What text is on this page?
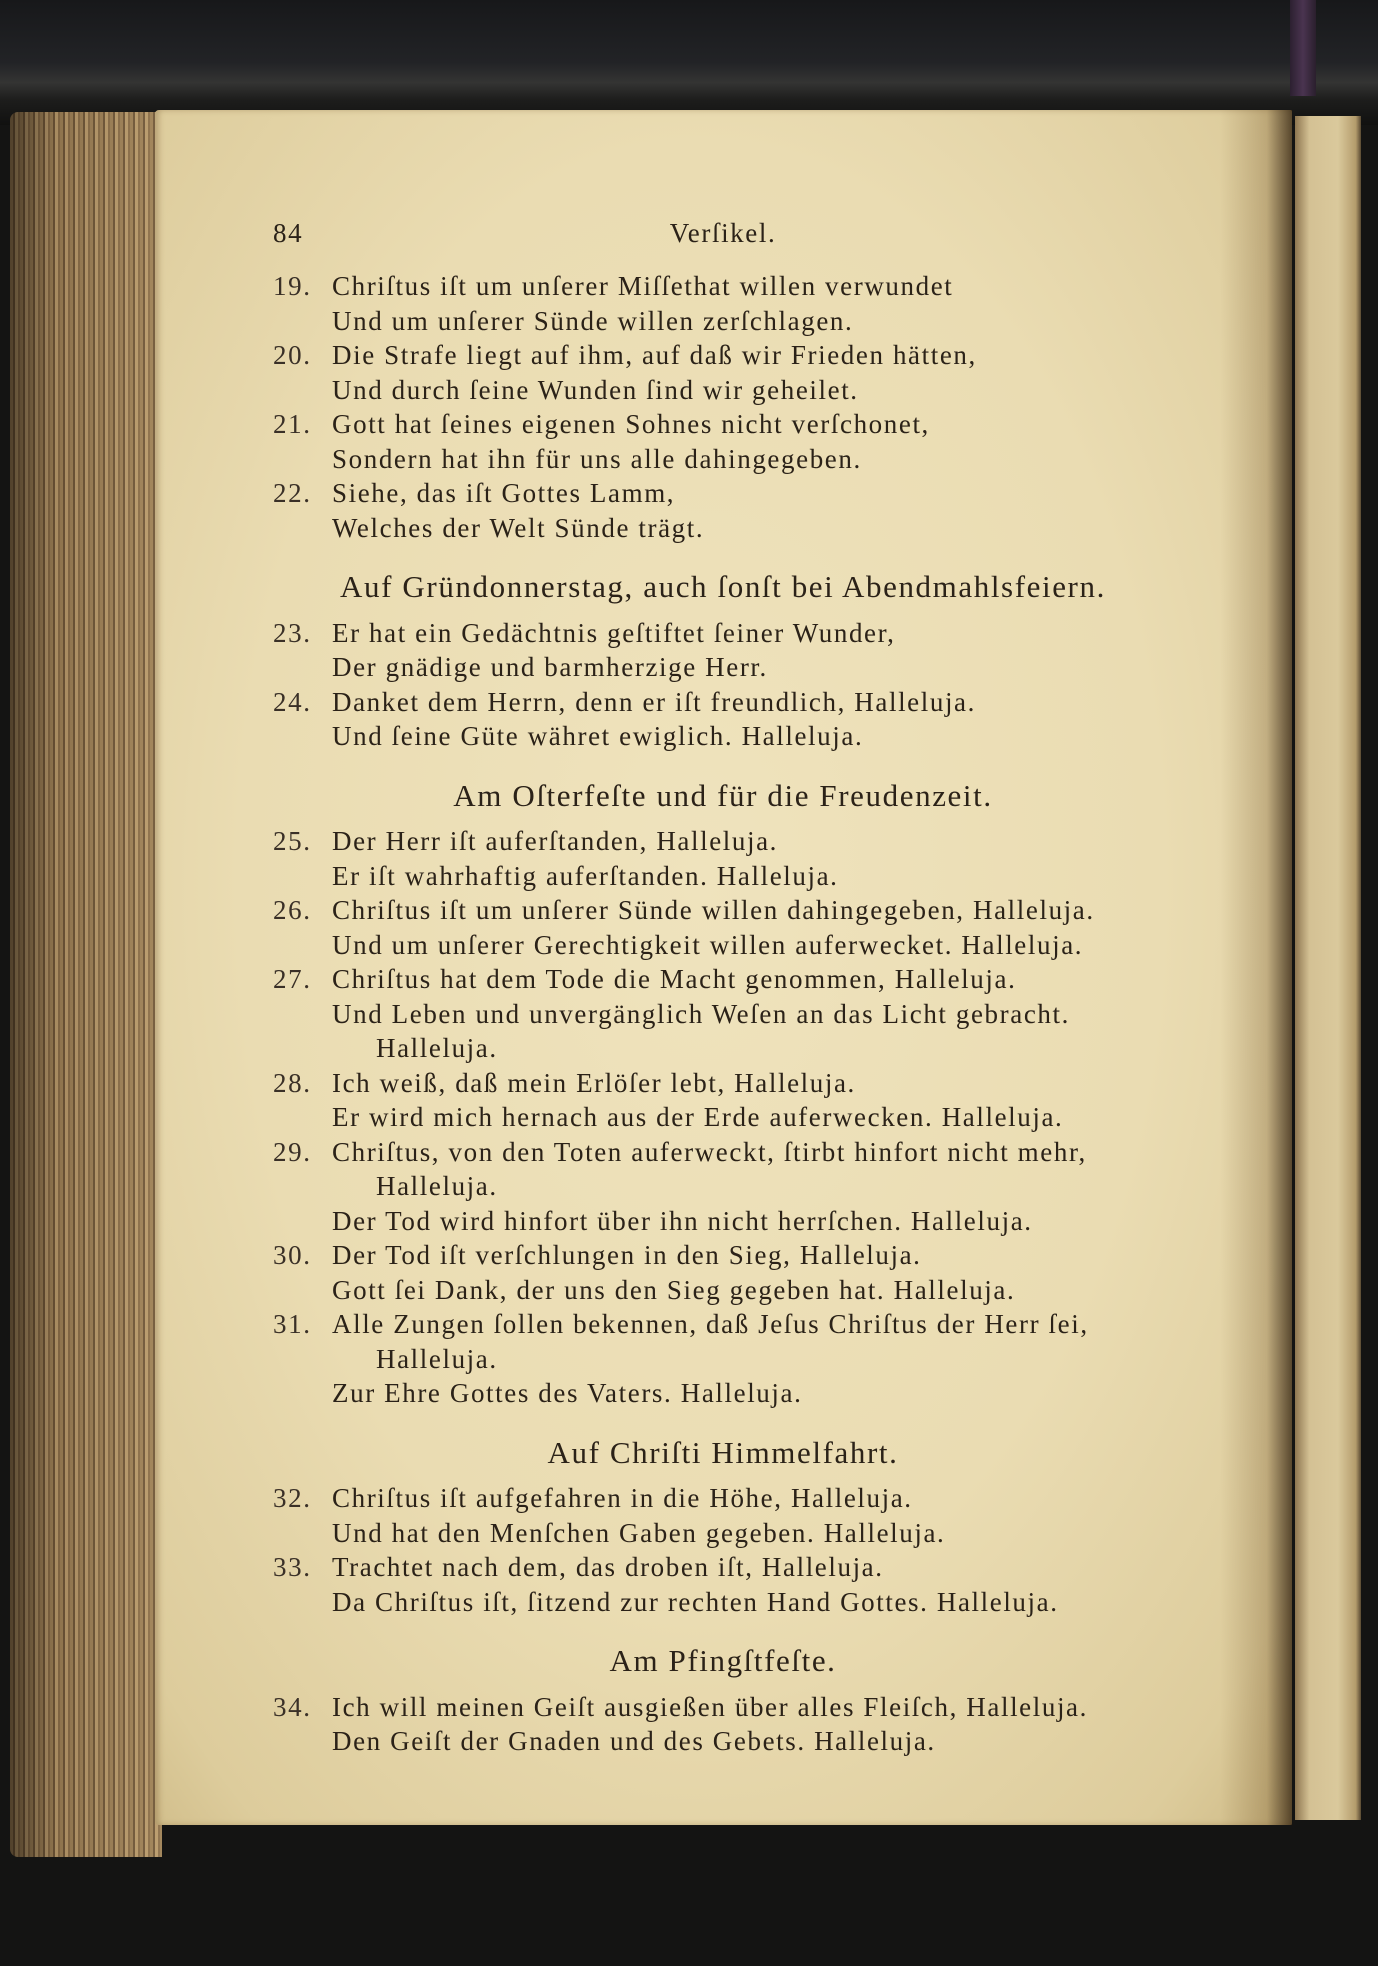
84	Verſikel.
19. Chriſtus iſt um unſerer Miſſethat willen verwundet
Und um unſerer Sünde willen zerſchlagen.
20. Die Strafe liegt auf ihm, auf daß wir Frieden hätten,
Und durch ſeine Wunden ſind wir geheilet.
21. Gott hat ſeines eigenen Sohnes nicht verſchonet,
Sondern hat ihn für uns alle dahingegeben.
22. Siehe, das iſt Gottes Lamm,
Welches der Welt Sünde trägt.
Auf Gründonnerstag, auch ſonſt bei Abendmahlsfeiern.
23. Er hat ein Gedächtnis geſtiftet ſeiner Wunder,
Der gnädige und barmherzige Herr.
24. Danket dem Herrn, denn er iſt freundlich, Halleluja.
Und ſeine Güte währet ewiglich. Halleluja.
Am Oſterfeſte und für die Freudenzeit.
25. Der Herr iſt auferſtanden, Halleluja.
Er iſt wahrhaftig auferſtanden. Halleluja.
26. Chriſtus iſt um unſerer Sünde willen dahingegeben, Halleluja.
Und um unſerer Gerechtigkeit willen auferwecket. Halleluja.
27. Chriſtus hat dem Tode die Macht genommen, Halleluja.
Und Leben und unvergänglich Weſen an das Licht gebracht.
Halleluja.
28. Ich weiß, daß mein Erlöſer lebt, Halleluja.
Er wird mich hernach aus der Erde auferwecken. Halleluja.
29. Chriſtus, von den Toten auferweckt, ſtirbt hinfort nicht mehr,
Halleluja.
Der Tod wird hinfort über ihn nicht herrſchen. Halleluja.
30. Der Tod iſt verſchlungen in den Sieg, Halleluja.
Gott ſei Dank, der uns den Sieg gegeben hat. Halleluja.
31. Alle Zungen ſollen bekennen, daß Jeſus Chriſtus der Herr ſei,
Halleluja.
Zur Ehre Gottes des Vaters. Halleluja.
Auf Chriſti Himmelfahrt.
32. Chriſtus iſt aufgefahren in die Höhe, Halleluja.
Und hat den Menſchen Gaben gegeben. Halleluja.
33. Trachtet nach dem, das droben iſt, Halleluja.
Da Chriſtus iſt, ſitzend zur rechten Hand Gottes. Halleluja.
Am Pfingſtfeſte.
34. Ich will meinen Geiſt ausgießen über alles Fleiſch, Halleluja.
Den Geiſt der Gnaden und des Gebets. Halleluja.
